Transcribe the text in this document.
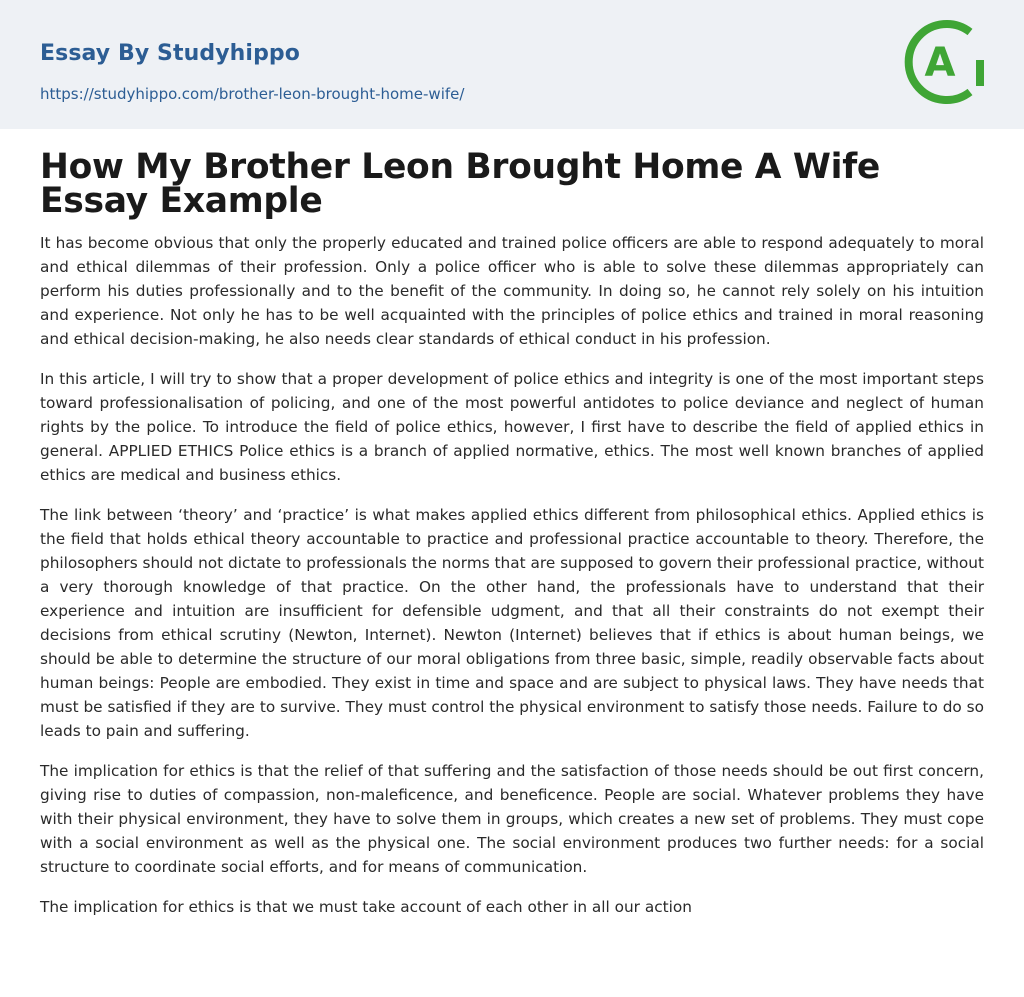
Essay By Studyhippo
https://studyhippo.com/brother-leon-brought-home-wife/
A
How My Brother Leon Brought Home A Wife Essay Example

It has become obvious that only the properly educated and trained police officers are able to respond adequately to moral and ethical dilemmas of their profession. Only a police officer who is able to solve these dilemmas appropriately can perform his duties professionally and to the benefit of the community. In doing so, he cannot rely solely on his intuition and experience. Not only he has to be well acquainted with the principles of police ethics and trained in moral reasoning and ethical decision-making, he also needs clear standards of ethical conduct in his profession.

In this article, I will try to show that a proper development of police ethics and integrity is one of the most important steps toward professionalisation of policing, and one of the most powerful antidotes to police deviance and neglect of human rights by the police. To introduce the field of police ethics, however, I first have to describe the field of applied ethics in general. APPLIED ETHICS Police ethics is a branch of applied normative, ethics. The most well known branches of applied ethics are medical and business ethics.

The link between ‘theory’ and ‘practice’ is what makes applied ethics different from philosophical ethics. Applied ethics is the field that holds ethical theory accountable to practice and professional practice accountable to theory. Therefore, the philosophers should not dictate to professionals the norms that are supposed to govern their professional practice, without a very thorough knowledge of that practice. On the other hand, the professionals have to understand that their experience and intuition are insufficient for defensible udgment, and that all their constraints do not exempt their decisions from ethical scrutiny (Newton, Internet). Newton (Internet) believes that if ethics is about human beings, we should be able to determine the structure of our moral obligations from three basic, simple, readily observable facts about human beings: People are embodied. They exist in time and space and are subject to physical laws. They have needs that must be satisfied if they are to survive. They must control the physical environment to satisfy those needs. Failure to do so leads to pain and suffering.

The implication for ethics is that the relief of that suffering and the satisfaction of those needs should be out first concern, giving rise to duties of compassion, non-maleficence, and beneficence. People are social. Whatever problems they have with their physical environment, they have to solve them in groups, which creates a new set of problems. They must cope with a social environment as well as the physical one. The social environment produces two further needs: for a social structure to coordinate social efforts, and for means of communication.

The implication for ethics is that we must take account of each other in all our action
